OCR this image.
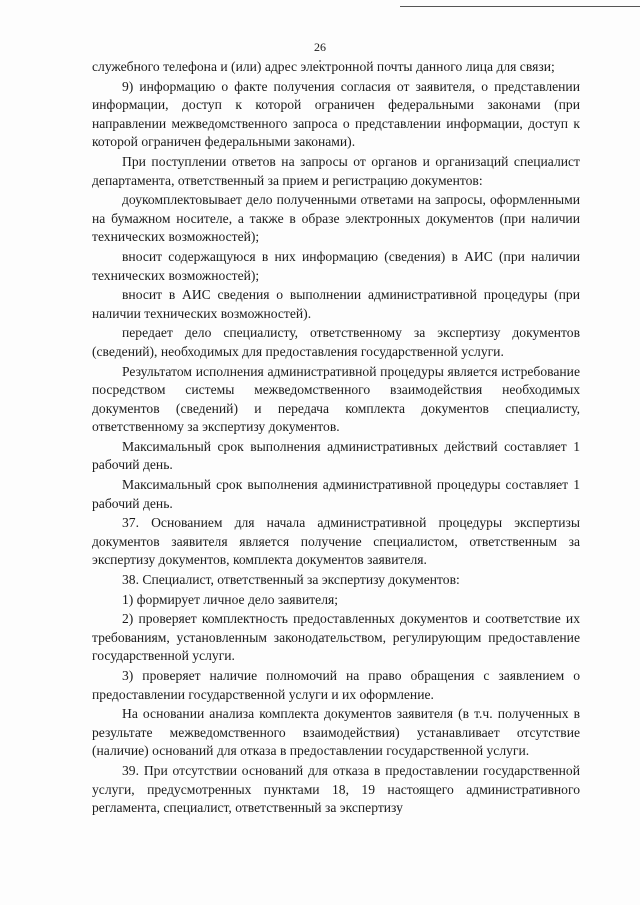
26

служебного телефона и (или) адрес электронной почты данного лица для связи;

9) информацию о факте получения согласия от заявителя, о представлении информации, доступ к которой ограничен федеральными законами (при направлении межведомственного запроса о представлении информации, доступ к которой ограничен федеральными законами).

При поступлении ответов на запросы от органов и организаций специалист департамента, ответственный за прием и регистрацию документов:

доукомплектовывает дело полученными ответами на запросы, оформленными на бумажном носителе, а также в образе электронных документов (при наличии технических возможностей);

вносит содержащуюся в них информацию (сведения) в АИС (при наличии технических возможностей);

вносит в АИС сведения о выполнении административной процедуры (при наличии технических возможностей).

передает дело специалисту, ответственному за экспертизу документов (сведений), необходимых для предоставления государственной услуги.

Результатом исполнения административной процедуры является истребование посредством системы межведомственного взаимодействия необходимых документов (сведений) и передача комплекта документов специалисту, ответственному за экспертизу документов.

Максимальный срок выполнения административных действий составляет 1 рабочий день.

Максимальный срок выполнения административной процедуры составляет 1 рабочий день.

37. Основанием для начала административной процедуры экспертизы документов заявителя является получение специалистом, ответственным за экспертизу документов, комплекта документов заявителя.

38. Специалист, ответственный за экспертизу документов:

1) формирует личное дело заявителя;

2) проверяет комплектность предоставленных документов и соответствие их требованиям, установленным законодательством, регулирующим предоставление государственной услуги.

3) проверяет наличие полномочий на право обращения с заявлением о предоставлении государственной услуги и их оформление.

На основании анализа комплекта документов заявителя (в т.ч. полученных в результате межведомственного взаимодействия) устанавливает отсутствие (наличие) оснований для отказа в предоставлении государственной услуги.

39. При отсутствии оснований для отказа в предоставлении государственной услуги, предусмотренных пунктами 18, 19 настоящего административного регламента, специалист, ответственный за экспертизу
